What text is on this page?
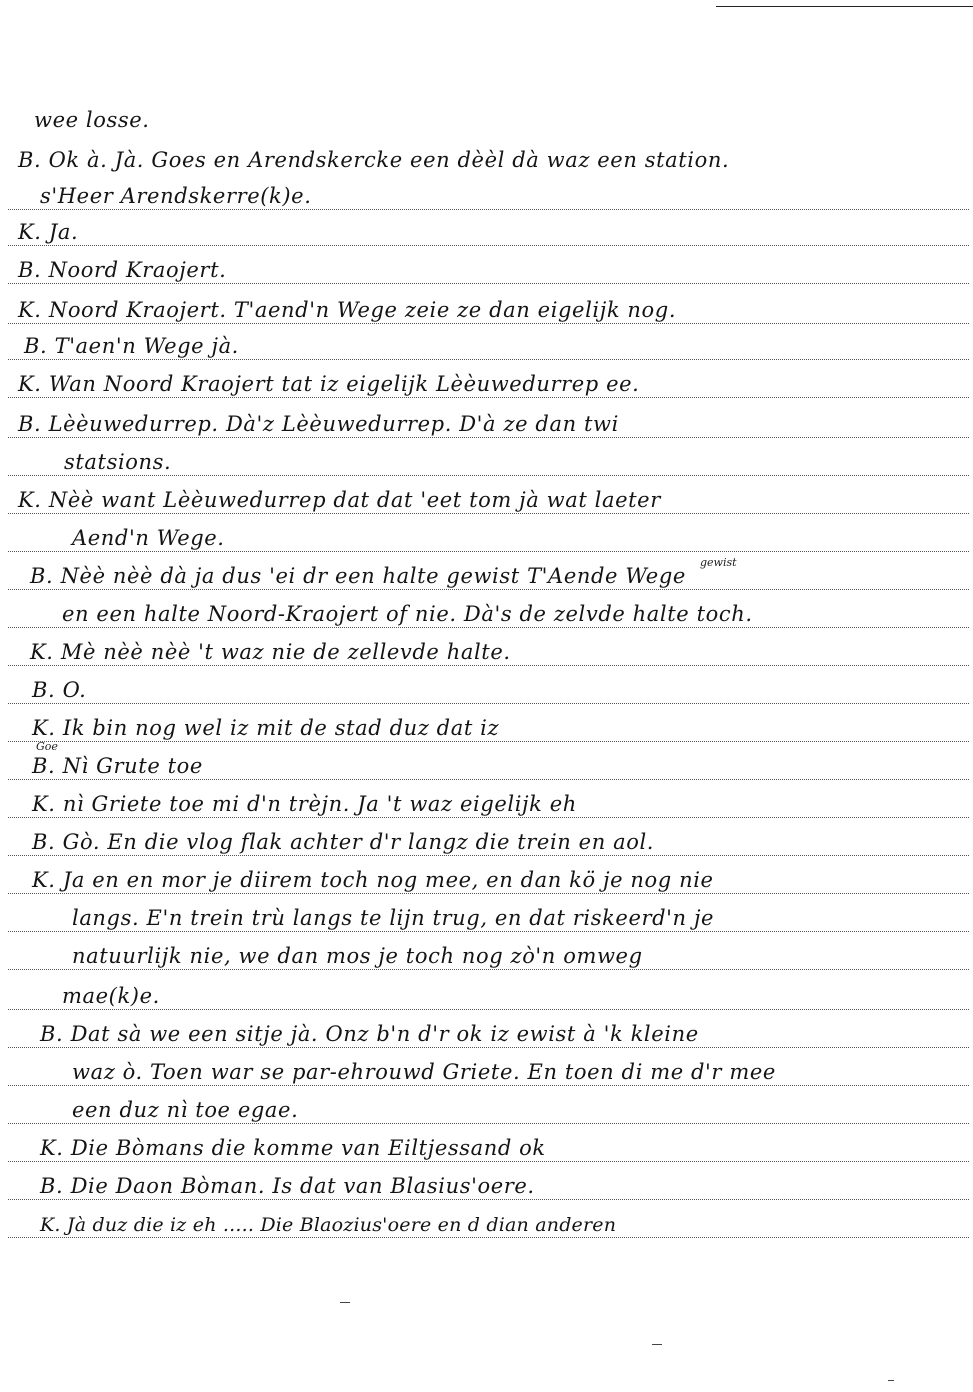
wee losse.
B. Ok à. Jà. Goes en Arendskercke een dèèl dà waz een station.
s'Heer Arendskerre(k)e.
K. Ja.
B. Noord Kraojert.
K. Noord Kraojert. T'aend'n Wege zeie ze dan eigelijk nog.
B. T'aen'n Wege jà.
K. Wan Noord Kraojert tat iz eigelijk Lèèuwedurrep ee.
B. Lèèuwedurrep. Dà'z Lèèuwedurrep. D'à ze dan twi
statsions.
K. Nèè want Lèèuwedurrep dat dat 'eet tom jà wat laeter
Aend'n Wege.
B. Nèè nèè dà ja dus 'ei dr een halte gewist T'Aende Wege
en een halte Noord-Kraojert of nie. Dà's de zelvde halte toch.
K. Mè nèè nèè 't waz nie de zellevde halte.
B. O.
K. Ik bin nog wel iz mit de stad duz dat iz
B. Nì Grute toe
K. nì Griete toe mi d'n trèjn. Ja 't waz eigelijk eh
B. Gò. En die vlog flak achter d'r langz die trein en aol.
K. Ja en en mor je diirem toch nog mee, en dan kö je nog nie
langs. E'n trein trù langs te lijn trug, en dat riskeerd'n je
natuurlijk nie, we dan mos je toch nog zò'n omweg
mae(k)e.
B. Dat sà we een sitje jà. Onz b'n d'r ok iz ewist à 'k kleine
waz ò. Toen war se par-ehrouwd Griete. En toen di me d'r mee
een duz nì toe egae.
K. Die Bòmans die komme van Eiltjessand ok
B. Die Daon Bòman. Is dat van Blasius'oere.
K. Jà duz die iz eh ..... Die Blaozius'oere en d dian anderen
Goe
gewist
